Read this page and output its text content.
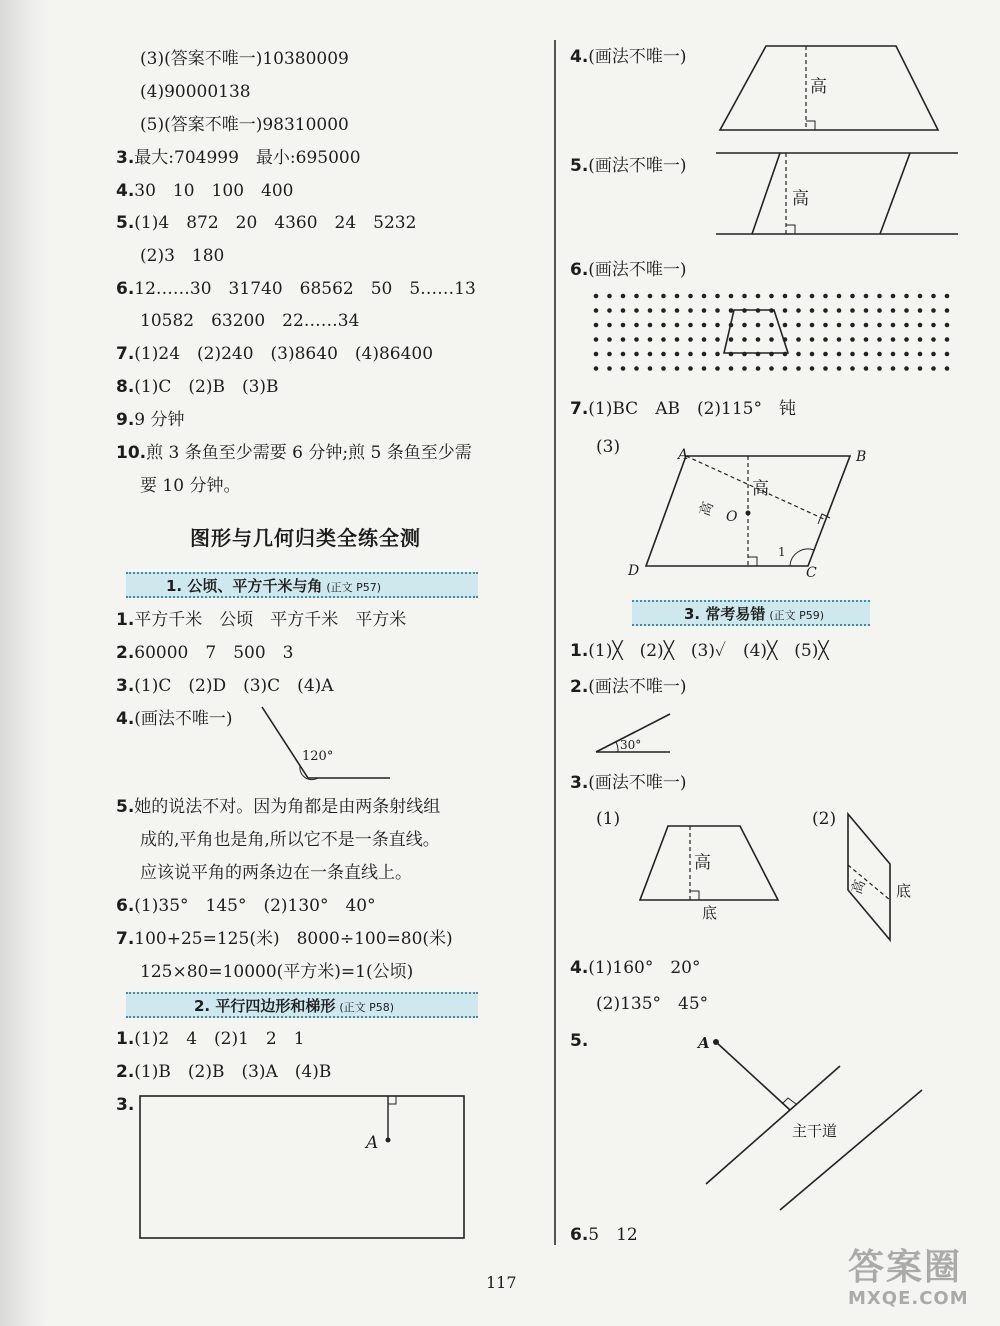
(3)(答案不唯一)10380009
(4)90000138
(5)(答案不唯一)98310000
3.最大:704999　最小:695000
4.30　10　100　400
5.(1)4　872　20　4360　24　5232
(2)3　180
6.12……30　31740　68562　50　5……13
10582　63200　22……34
7.(1)24　(2)240　(3)8640　(4)86400
8.(1)C　(2)B　(3)B
9.9 分钟
10.煎 3 条鱼至少需要 6 分钟;煎 5 条鱼至少需
要 10 分钟。
图形与几何归类全练全测
1. 公顷、平方千米与角 (正文 P57)
1.平方千米　公顷　平方千米　平方米
2.60000　7　500　3
3.(1)C　(2)D　(3)C　(4)A
4.(画法不唯一)
120°
5.她的说法不对。因为角都是由两条射线组
成的,平角也是角,所以它不是一条直线。
应该说平角的两条边在一条直线上。
6.(1)35°　145°　(2)130°　40°
7.100+25=125(米)　8000÷100=80(米)
125×80=10000(平方米)=1(公顷)
2. 平行四边形和梯形 (正文 P58)
1.(1)2　4　(2)1　2　1
2.(1)B　(2)B　(3)A　(4)B
3.
A
4.(画法不唯一)
高
5.(画法不唯一)
高
6.(画法不唯一)
7.(1)BC　AB　(2)115°　钝
(3)	A	B
C
D
O
高
高
1
3. 常考易错 (正文 P59)
1.(1)╳　(2)╳　(3)✓　(4)╳　(5)╳
2.(画法不唯一)
30°
3.(画法不唯一)
(1)	(2)
高
底
高 底
4.(1)160°　20°
(2)135°　45°
5.	A
主干道
6.5　12
117	答案圈
MXQE.COM
